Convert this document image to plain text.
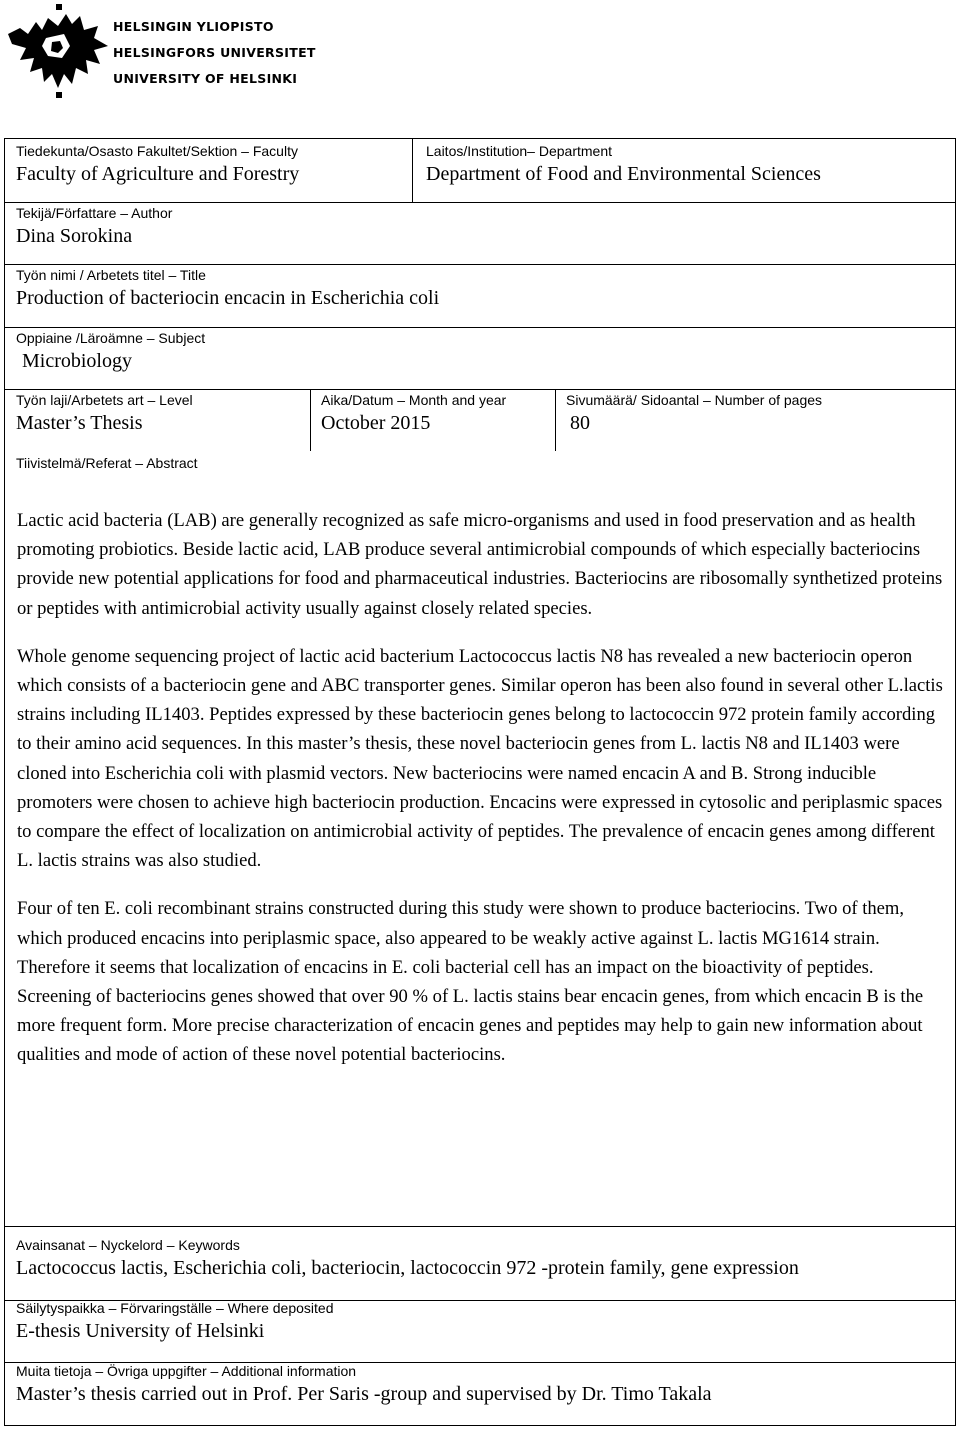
HELSINGIN YLIOPISTO
HELSINGFORS UNIVERSITET
UNIVERSITY OF HELSINKI
Tiedekunta/Osasto Fakultet/Sektion – Faculty
Faculty of Agriculture and Forestry
Laitos/Institution– Department
Department of Food and Environmental Sciences
Tekijä/Författare – Author
Dina Sorokina
Työn nimi / Arbetets titel – Title
Production of bacteriocin encacin in Escherichia coli
Oppiaine /Läroämne – Subject
Microbiology
Työn laji/Arbetets art – Level
Master’s Thesis
Aika/Datum – Month and year
October 2015
Sivumäärä/ Sidoantal – Number of pages
80
Tiivistelmä/Referat – Abstract

Lactic acid bacteria (LAB) are generally recognized as safe micro-organisms and used in food preservation and as health promoting probiotics. Beside lactic acid, LAB produce several antimicrobial compounds of which especially bacteriocins provide new potential applications for food and pharmaceutical industries. Bacteriocins are ribosomally synthetized proteins or peptides with antimicrobial activity usually against closely related species.

Whole genome sequencing project of lactic acid bacterium Lactococcus lactis N8 has revealed a new bacteriocin operon which consists of a bacteriocin gene and ABC transporter genes. Similar operon has been also found in several other L.lactis strains including IL1403. Peptides expressed by these bacteriocin genes belong to lactococcin 972 protein family according to their amino acid sequences. In this master’s thesis, these novel bacteriocin genes from L. lactis N8 and IL1403 were cloned into Escherichia coli with plasmid vectors. New bacteriocins were named encacin A and B. Strong inducible promoters were chosen to achieve high bacteriocin production. Encacins were expressed in cytosolic and periplasmic spaces to compare the effect of localization on antimicrobial activity of peptides. The prevalence of encacin genes among different L. lactis strains was also studied.

Four of ten E. coli recombinant strains constructed during this study were shown to produce bacteriocins. Two of them, which produced encacins into periplasmic space, also appeared to be weakly active against L. lactis MG1614 strain. Therefore it seems that localization of encacins in E. coli bacterial cell has an impact on the bioactivity of peptides. Screening of bacteriocins genes showed that over 90 % of L. lactis stains bear encacin genes, from which encacin B is the more frequent form. More precise characterization of encacin genes and peptides may help to gain new information about qualities and mode of action of these novel potential bacteriocins.

Avainsanat – Nyckelord – Keywords
Lactococcus lactis, Escherichia coli, bacteriocin, lactococcin 972 -protein family, gene expression
Säilytyspaikka – Förvaringställe – Where deposited
E-thesis University of Helsinki
Muita tietoja – Övriga uppgifter – Additional information
Master’s thesis carried out in Prof. Per Saris -group and supervised by Dr. Timo Takala
